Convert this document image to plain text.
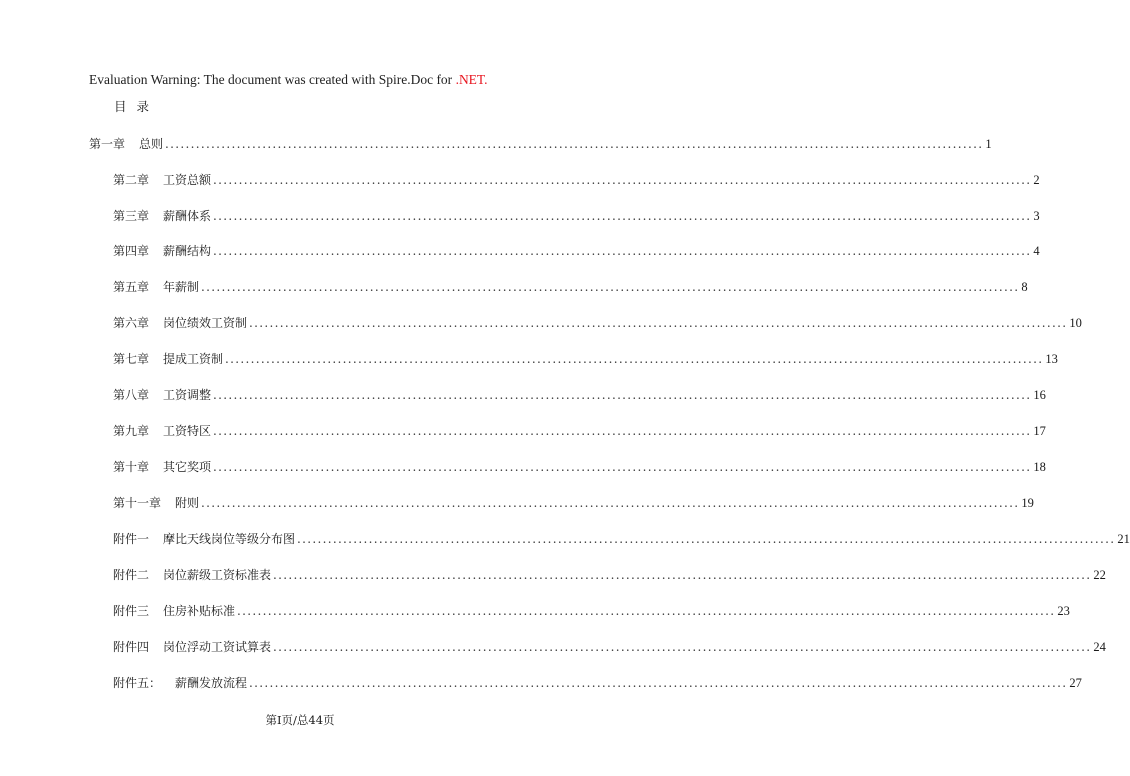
Evaluation Warning: The document was created with Spire.Doc for .NET.
目录
第一章 总则 ................................................................................................................................................................ 1
第二章 工资总额 ................................................................................................................................................................ 2
第三章 薪酬体系 ................................................................................................................................................................ 3
第四章 薪酬结构 ................................................................................................................................................................ 4
第五章 年薪制 ................................................................................................................................................................ 8
第六章 岗位绩效工资制 ................................................................................................................................................................ 10
第七章 提成工资制 ................................................................................................................................................................ 13
第八章 工资调整 ................................................................................................................................................................ 16
第九章 工资特区 ................................................................................................................................................................ 17
第十章 其它奖项 ................................................................................................................................................................ 18
第十一章 附则 ................................................................................................................................................................ 19
附件一 摩比天线岗位等级分布图 ................................................................................................................................................................ 21
附件二 岗位薪级工资标准表 ................................................................................................................................................................ 22
附件三 住房补贴标准 ................................................................................................................................................................ 23
附件四 岗位浮动工资试算表 ................................................................................................................................................................ 24
附件五： 薪酬发放流程 ................................................................................................................................................................ 27
第I页/总44页
